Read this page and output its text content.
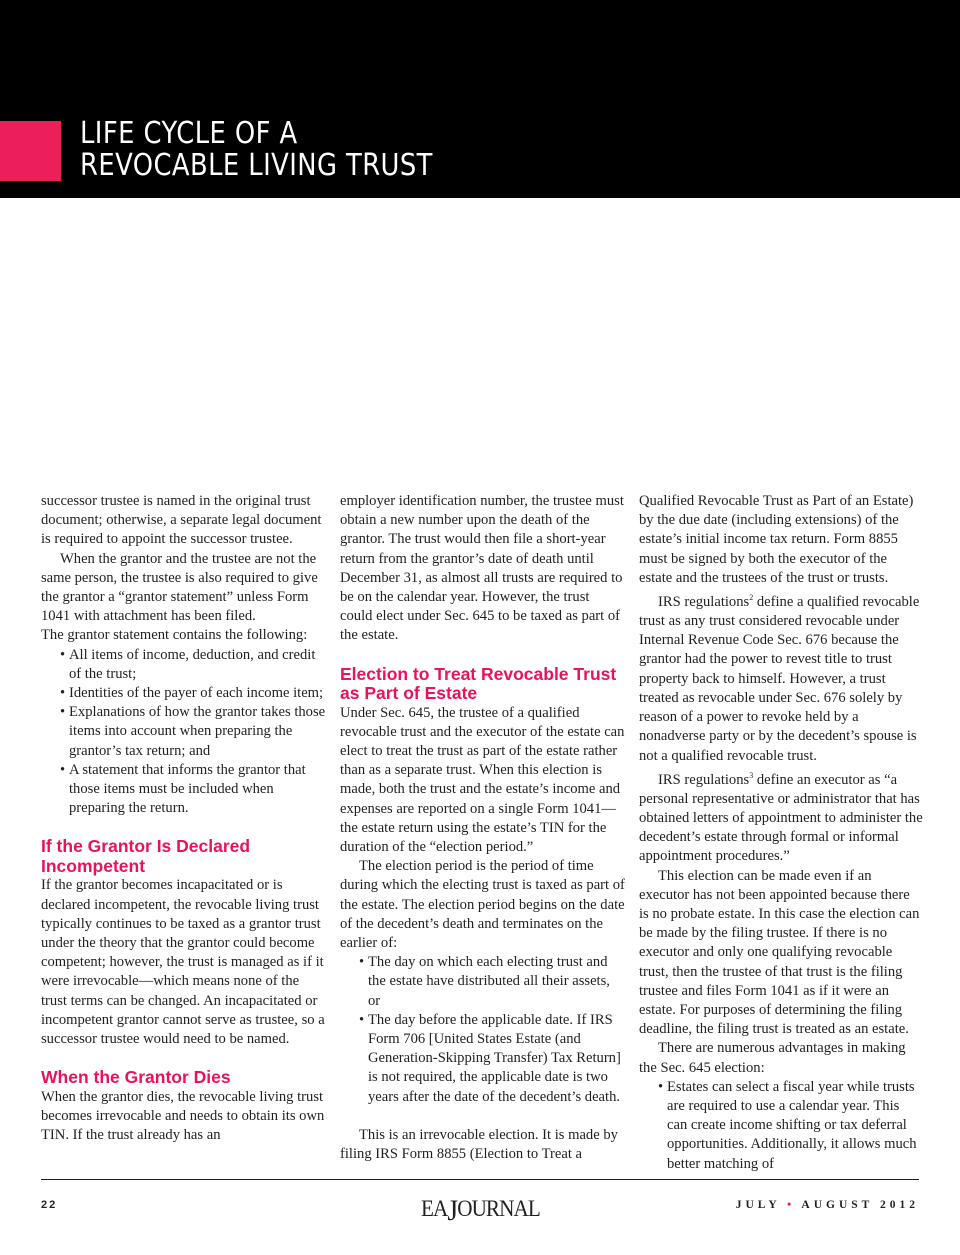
LIFE CYCLE OF A
REVOCABLE LIVING TRUST

successor trustee is named in the original trust document; otherwise, a separate legal document is required to appoint the successor trustee.

When the grantor and the trustee are not the same person, the trustee is also required to give the grantor a “grantor statement” unless Form 1041 with attachment has been filed.

The grantor statement contains the following:

• All items of income, deduction, and credit of the trust;
• Identities of the payer of each income item;
• Explanations of how the grantor takes those items into account when preparing the grantor’s tax return; and
• A statement that informs the grantor that those items must be included when preparing the return.
If the Grantor Is Declared Incompetent

If the grantor becomes incapacitated or is declared incompetent, the revocable living trust typically continues to be taxed as a grantor trust under the theory that the grantor could become competent; however, the trust is managed as if it were irrevocable—which means none of the trust terms can be changed. An incapacitated or incompetent grantor cannot serve as trustee, so a successor trustee would need to be named.

When the Grantor Dies

When the grantor dies, the revocable living trust becomes irrevocable and needs to obtain its own TIN. If the trust already has an

employer identification number, the trustee must obtain a new number upon the death of the grantor. The trust would then file a short-year return from the grantor’s date of death until December 31, as almost all trusts are required to be on the calendar year. However, the trust could elect under Sec. 645 to be taxed as part of the estate.

Election to Treat Revocable Trust as Part of Estate

Under Sec. 645, the trustee of a qualified revocable trust and the executor of the estate can elect to treat the trust as part of the estate rather than as a separate trust. When this election is made, both the trust and the estate’s income and expenses are reported on a single Form 1041—the estate return using the estate’s TIN for the duration of the “election period.”

The election period is the period of time during which the electing trust is taxed as part of the estate. The election period begins on the date of the decedent’s death and terminates on the earlier of:

• The day on which each electing trust and the estate have distributed all their assets, or
• The day before the applicable date. If IRS Form 706 [United States Estate (and Generation-Skipping Transfer) Tax Return] is not required, the applicable date is two years after the date of the decedent’s death.

This is an irrevocable election. It is made by filing IRS Form 8855 (Election to Treat a

Qualified Revocable Trust as Part of an Estate) by the due date (including extensions) of the estate’s initial income tax return. Form 8855 must be signed by both the executor of the estate and the trustees of the trust or trusts.

IRS regulations$^2$ define a qualified revocable trust as any trust considered revocable under Internal Revenue Code Sec. 676 because the grantor had the power to revest title to trust property back to himself. However, a trust treated as revocable under Sec. 676 solely by reason of a power to revoke held by a nonadverse party or by the decedent’s spouse is not a qualified revocable trust.

IRS regulations$^3$ define an executor as “a personal representative or administrator that has obtained letters of appointment to administer the decedent’s estate through formal or informal appointment procedures.”

This election can be made even if an executor has not been appointed because there is no probate estate. In this case the election can be made by the filing trustee. If there is no executor and only one qualifying revocable trust, then the trustee of that trust is the filing trustee and files Form 1041 as if it were an estate. For purposes of determining the filing deadline, the filing trust is treated as an estate.

There are numerous advantages in making the Sec. 645 election:

• Estates can select a fiscal year while trusts are required to use a calendar year. This can create income shifting or tax deferral opportunities. Additionally, it allows much better matching of
22	EAJOURNAL	JULY • AUGUST 2012
